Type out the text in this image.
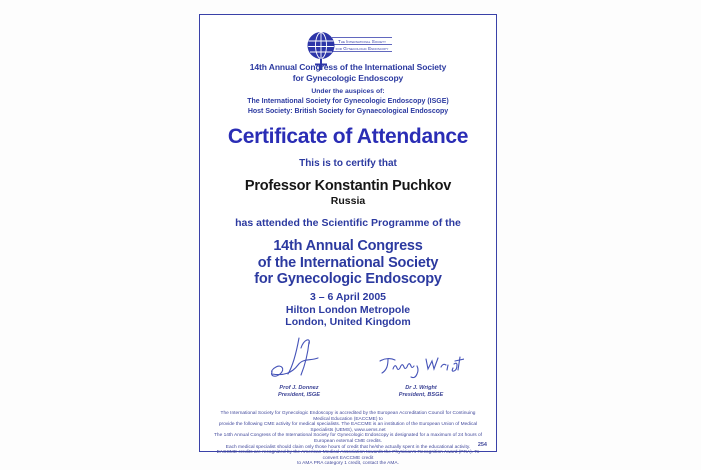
The International Society
for Gynecologic Endoscopy
14th Annual Congress of the International Society
for Gynecologic Endoscopy
Under the auspices of:
The International Society for Gynecologic Endoscopy (ISGE)
Host Society: British Society for Gynaecological Endoscopy
Certificate of Attendance
This is to certify that
Professor Konstantin Puchkov
Russia
has attended the Scientific Programme of the
14th Annual Congress
of the International Society
for Gynecologic Endoscopy
3 – 6 April 2005
Hilton London Metropole
London, United Kingdom
Prof J. Donnez
President, ISGE
Dr J. Wright
President, BSGE
The International Society for Gynecologic Endoscopy is accredited by the European Accreditation Council for Continuing Medical Education (EACCME) to
provide the following CME activity for medical specialists. The EACCME is an institution of the European Union of Medical Specialists (UEMS), www.uems.net
The 14th Annual Congress of the International Society for Gynecologic Endoscopy is designated for a maximum of 24 hours of European external CME credits.
Each medical specialist should claim only those hours of credit that he/she actually spent in the educational activity.
EACCME credits are recognized by the American Medical Association towards the Physician's Recognition Award (PRA). To convert EACCME credit
to AMA PRA category 1 credit, contact the AMA.
254
